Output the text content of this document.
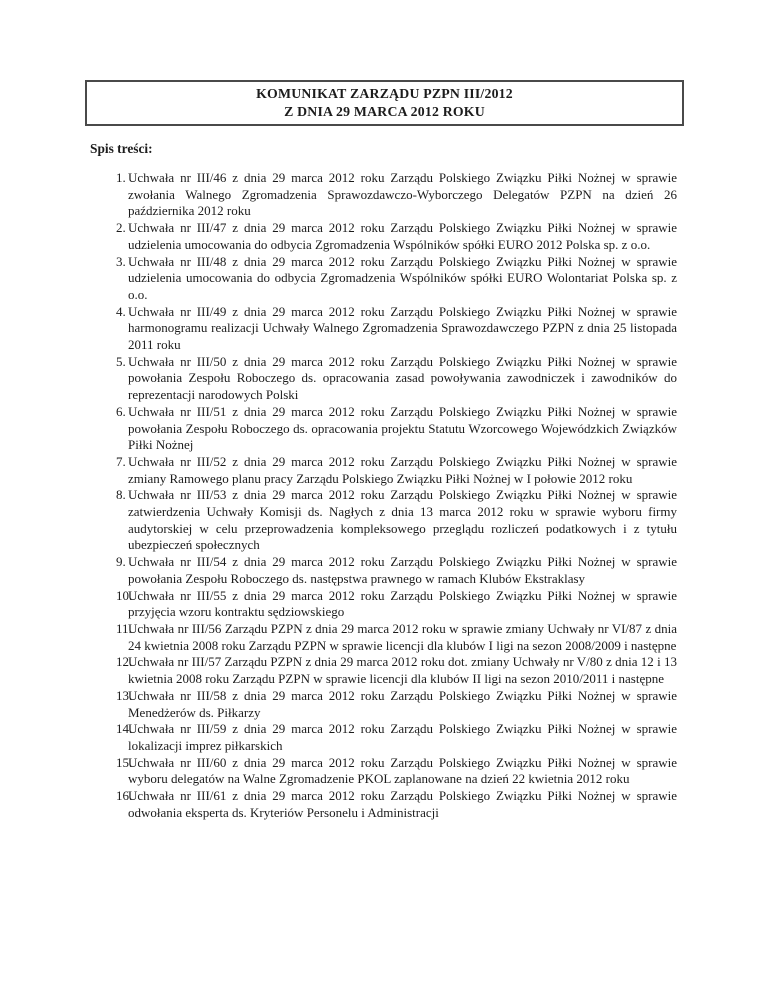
KOMUNIKAT ZARZĄDU PZPN III/2012
Z DNIA 29 MARCA 2012 ROKU
Spis treści:
1. Uchwała nr III/46 z dnia 29 marca 2012 roku Zarządu Polskiego Związku Piłki Nożnej w sprawie zwołania Walnego Zgromadzenia Sprawozdawczo-Wyborczego Delegatów PZPN na dzień 26 października 2012 roku
2. Uchwała nr III/47 z dnia 29 marca 2012 roku Zarządu Polskiego Związku Piłki Nożnej w sprawie udzielenia umocowania do odbycia Zgromadzenia Wspólników spółki EURO 2012 Polska sp. z o.o.
3. Uchwała nr III/48 z dnia 29 marca 2012 roku Zarządu Polskiego Związku Piłki Nożnej w sprawie udzielenia umocowania do odbycia Zgromadzenia Wspólników spółki EURO Wolontariat Polska sp. z o.o.
4. Uchwała nr III/49 z dnia 29 marca 2012 roku Zarządu Polskiego Związku Piłki Nożnej w sprawie harmonogramu realizacji Uchwały Walnego Zgromadzenia Sprawozdawczego PZPN z dnia 25 listopada 2011 roku
5. Uchwała nr III/50 z dnia 29 marca 2012 roku Zarządu Polskiego Związku Piłki Nożnej w sprawie powołania Zespołu Roboczego ds. opracowania zasad powoływania zawodniczek i zawodników do reprezentacji narodowych Polski
6. Uchwała nr III/51 z dnia 29 marca 2012 roku Zarządu Polskiego Związku Piłki Nożnej w sprawie powołania Zespołu Roboczego ds. opracowania projektu Statutu Wzorcowego Wojewódzkich Związków Piłki Nożnej
7. Uchwała nr III/52 z dnia 29 marca 2012 roku Zarządu Polskiego Związku Piłki Nożnej w sprawie zmiany Ramowego planu pracy Zarządu Polskiego Związku Piłki Nożnej w I połowie 2012 roku
8. Uchwała nr III/53 z dnia 29 marca 2012 roku Zarządu Polskiego Związku Piłki Nożnej w sprawie zatwierdzenia Uchwały Komisji ds. Nagłych z dnia 13 marca 2012 roku w sprawie wyboru firmy audytorskiej w celu przeprowadzenia kompleksowego przeglądu rozliczeń podatkowych i z tytułu ubezpieczeń społecznych
9. Uchwała nr III/54 z dnia 29 marca 2012 roku Zarządu Polskiego Związku Piłki Nożnej w sprawie powołania Zespołu Roboczego ds. następstwa prawnego w ramach Klubów Ekstraklasy
10.
Uchwała nr III/55 z dnia 29 marca 2012 roku Zarządu Polskiego Związku Piłki Nożnej w sprawie przyjęcia wzoru kontraktu sędziowskiego
11.
Uchwała nr III/56 Zarządu PZPN z dnia 29 marca 2012 roku w sprawie zmiany Uchwały nr VI/87 z dnia 24 kwietnia 2008 roku Zarządu PZPN w sprawie licencji dla klubów I ligi na sezon 2008/2009 i następne
12.
Uchwała nr III/57 Zarządu PZPN z dnia 29 marca 2012 roku dot. zmiany Uchwały nr V/80 z dnia 12 i 13 kwietnia 2008 roku Zarządu PZPN w sprawie licencji dla klubów II ligi na sezon 2010/2011 i następne
13.
Uchwała nr III/58 z dnia 29 marca 2012 roku Zarządu Polskiego Związku Piłki Nożnej w sprawie Menedżerów ds. Piłkarzy
14.
Uchwała nr III/59 z dnia 29 marca 2012 roku Zarządu Polskiego Związku Piłki Nożnej w sprawie lokalizacji imprez piłkarskich
15.
Uchwała nr III/60 z dnia 29 marca 2012 roku Zarządu Polskiego Związku Piłki Nożnej w sprawie wyboru delegatów na Walne Zgromadzenie PKOL zaplanowane na dzień 22 kwietnia 2012 roku
16.
Uchwała nr III/61 z dnia 29 marca 2012 roku Zarządu Polskiego Związku Piłki Nożnej w sprawie odwołania eksperta ds. Kryteriów Personelu i Administracji
